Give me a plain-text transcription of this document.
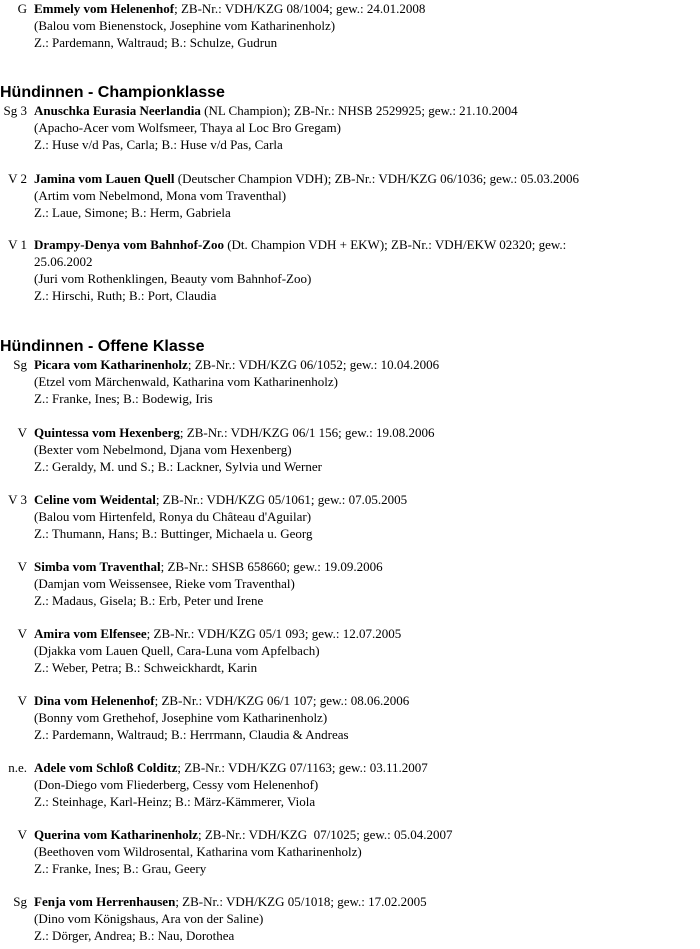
G Emmely vom Helenenhof; ZB-Nr.: VDH/KZG 08/1004; gew.: 24.01.2008
(Balou vom Bienenstock, Josephine vom Katharinenholz)
Z.: Pardemann, Waltraud; B.: Schulze, Gudrun
Hündinnen - Championklasse
Sg 3 Anuschka Eurasia Neerlandia (NL Champion); ZB-Nr.: NHSB 2529925; gew.: 21.10.2004
(Apacho-Acer vom Wolfsmeer, Thaya al Loc Bro Gregam)
Z.: Huse v/d Pas, Carla; B.: Huse v/d Pas, Carla
V 2 Jamina vom Lauen Quell (Deutscher Champion VDH); ZB-Nr.: VDH/KZG 06/1036; gew.: 05.03.2006
(Artim vom Nebelmond, Mona vom Traventhal)
Z.: Laue, Simone; B.: Herm, Gabriela
V 1 Drampy-Denya vom Bahnhof-Zoo (Dt. Champion VDH + EKW); ZB-Nr.: VDH/EKW 02320; gew.: 25.06.2002
(Juri vom Rothenklingen, Beauty vom Bahnhof-Zoo)
Z.: Hirschi, Ruth; B.: Port, Claudia
Hündinnen - Offene Klasse
Sg Picara vom Katharinenholz; ZB-Nr.: VDH/KZG 06/1052; gew.: 10.04.2006
(Etzel vom Märchenwald, Katharina vom Katharinenholz)
Z.: Franke, Ines; B.: Bodewig, Iris
V Quintessa vom Hexenberg; ZB-Nr.: VDH/KZG 06/1 156; gew.: 19.08.2006
(Bexter vom Nebelmond, Djana vom Hexenberg)
Z.: Geraldy, M. und S.; B.: Lackner, Sylvia und Werner
V 3 Celine vom Weidental; ZB-Nr.: VDH/KZG 05/1061; gew.: 07.05.2005
(Balou vom Hirtenfeld, Ronya du Château d'Aguilar)
Z.: Thumann, Hans; B.: Buttinger, Michaela u. Georg
V Simba vom Traventhal; ZB-Nr.: SHSB 658660; gew.: 19.09.2006
(Damjan vom Weissensee, Rieke vom Traventhal)
Z.: Madaus, Gisela; B.: Erb, Peter und Irene
V Amira vom Elfensee; ZB-Nr.: VDH/KZG 05/1 093; gew.: 12.07.2005
(Djakka vom Lauen Quell, Cara-Luna vom Apfelbach)
Z.: Weber, Petra; B.: Schweickhardt, Karin
V Dina vom Helenenhof; ZB-Nr.: VDH/KZG 06/1 107; gew.: 08.06.2006
(Bonny vom Grethehof, Josephine vom Katharinenholz)
Z.: Pardemann, Waltraud; B.: Herrmann, Claudia & Andreas
n.e. Adele vom Schloß Colditz; ZB-Nr.: VDH/KZG 07/1163; gew.: 03.11.2007
(Don-Diego vom Fliederberg, Cessy vom Helenenhof)
Z.: Steinhage, Karl-Heinz; B.: März-Kämmerer, Viola
V Querina vom Katharinenholz; ZB-Nr.: VDH/KZG  07/1025; gew.: 05.04.2007
(Beethoven vom Wildrosental, Katharina vom Katharinenholz)
Z.: Franke, Ines; B.: Grau, Geery
Sg Fenja vom Herrenhausen; ZB-Nr.: VDH/KZG 05/1018; gew.: 17.02.2005
(Dino vom Königshaus, Ara von der Saline)
Z.: Dörger, Andrea; B.: Nau, Dorothea
